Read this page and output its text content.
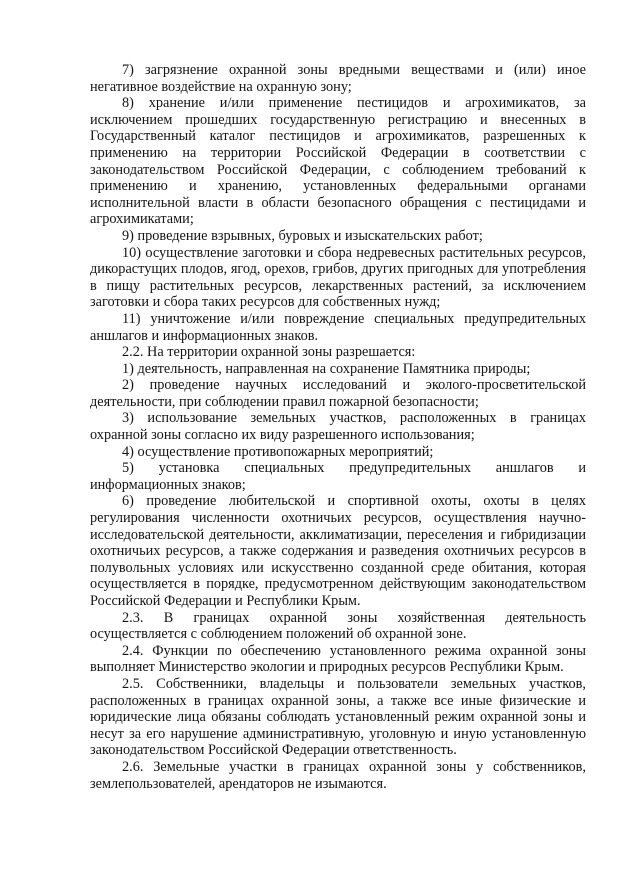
7) загрязнение охранной зоны вредными веществами и (или) иное негативное воздействие на охранную зону;

8) хранение и/или применение пестицидов и агрохимикатов, за исключением прошедших государственную регистрацию и внесенных в Государственный каталог пестицидов и агрохимикатов, разрешенных к применению на территории Российской Федерации в соответствии с законодательством Российской Федерации, с соблюдением требований к применению и хранению, установленных федеральными органами исполнительной власти в области безопасного обращения с пестицидами и агрохимикатами;

9) проведение взрывных, буровых и изыскательских работ;

10) осуществление заготовки и сбора недревесных растительных ресурсов, дикорастущих плодов, ягод, орехов, грибов, других пригодных для употребления в пищу растительных ресурсов, лекарственных растений, за исключением заготовки и сбора таких ресурсов для собственных нужд;

11) уничтожение и/или повреждение специальных предупредительных аншлагов и информационных знаков.

2.2. На территории охранной зоны разрешается:

1) деятельность, направленная на сохранение Памятника природы;

2) проведение научных исследований и эколого-просветительской деятельности, при соблюдении правил пожарной безопасности;

3) использование земельных участков, расположенных в границах охранной зоны согласно их виду разрешенного использования;

4) осуществление противопожарных мероприятий;

5) установка специальных предупредительных аншлагов и информационных знаков;

6) проведение любительской и спортивной охоты, охоты в целях регулирования численности охотничьих ресурсов, осуществления научно-исследовательской деятельности, акклиматизации, переселения и гибридизации охотничьих ресурсов, а также содержания и разведения охотничьих ресурсов в полувольных условиях или искусственно созданной среде обитания, которая осуществляется в порядке, предусмотренном действующим законодательством Российской Федерации и Республики Крым.

2.3. В границах охранной зоны хозяйственная деятельность осуществляется с соблюдением положений об охранной зоне.

2.4. Функции по обеспечению установленного режима охранной зоны выполняет Министерство экологии и природных ресурсов Республики Крым.

2.5. Собственники, владельцы и пользователи земельных участков, расположенных в границах охранной зоны, а также все иные физические и юридические лица обязаны соблюдать установленный режим охранной зоны и несут за его нарушение административную, уголовную и иную установленную законодательством Российской Федерации ответственность.

2.6. Земельные участки в границах охранной зоны у собственников, землепользователей, арендаторов не изымаются.
